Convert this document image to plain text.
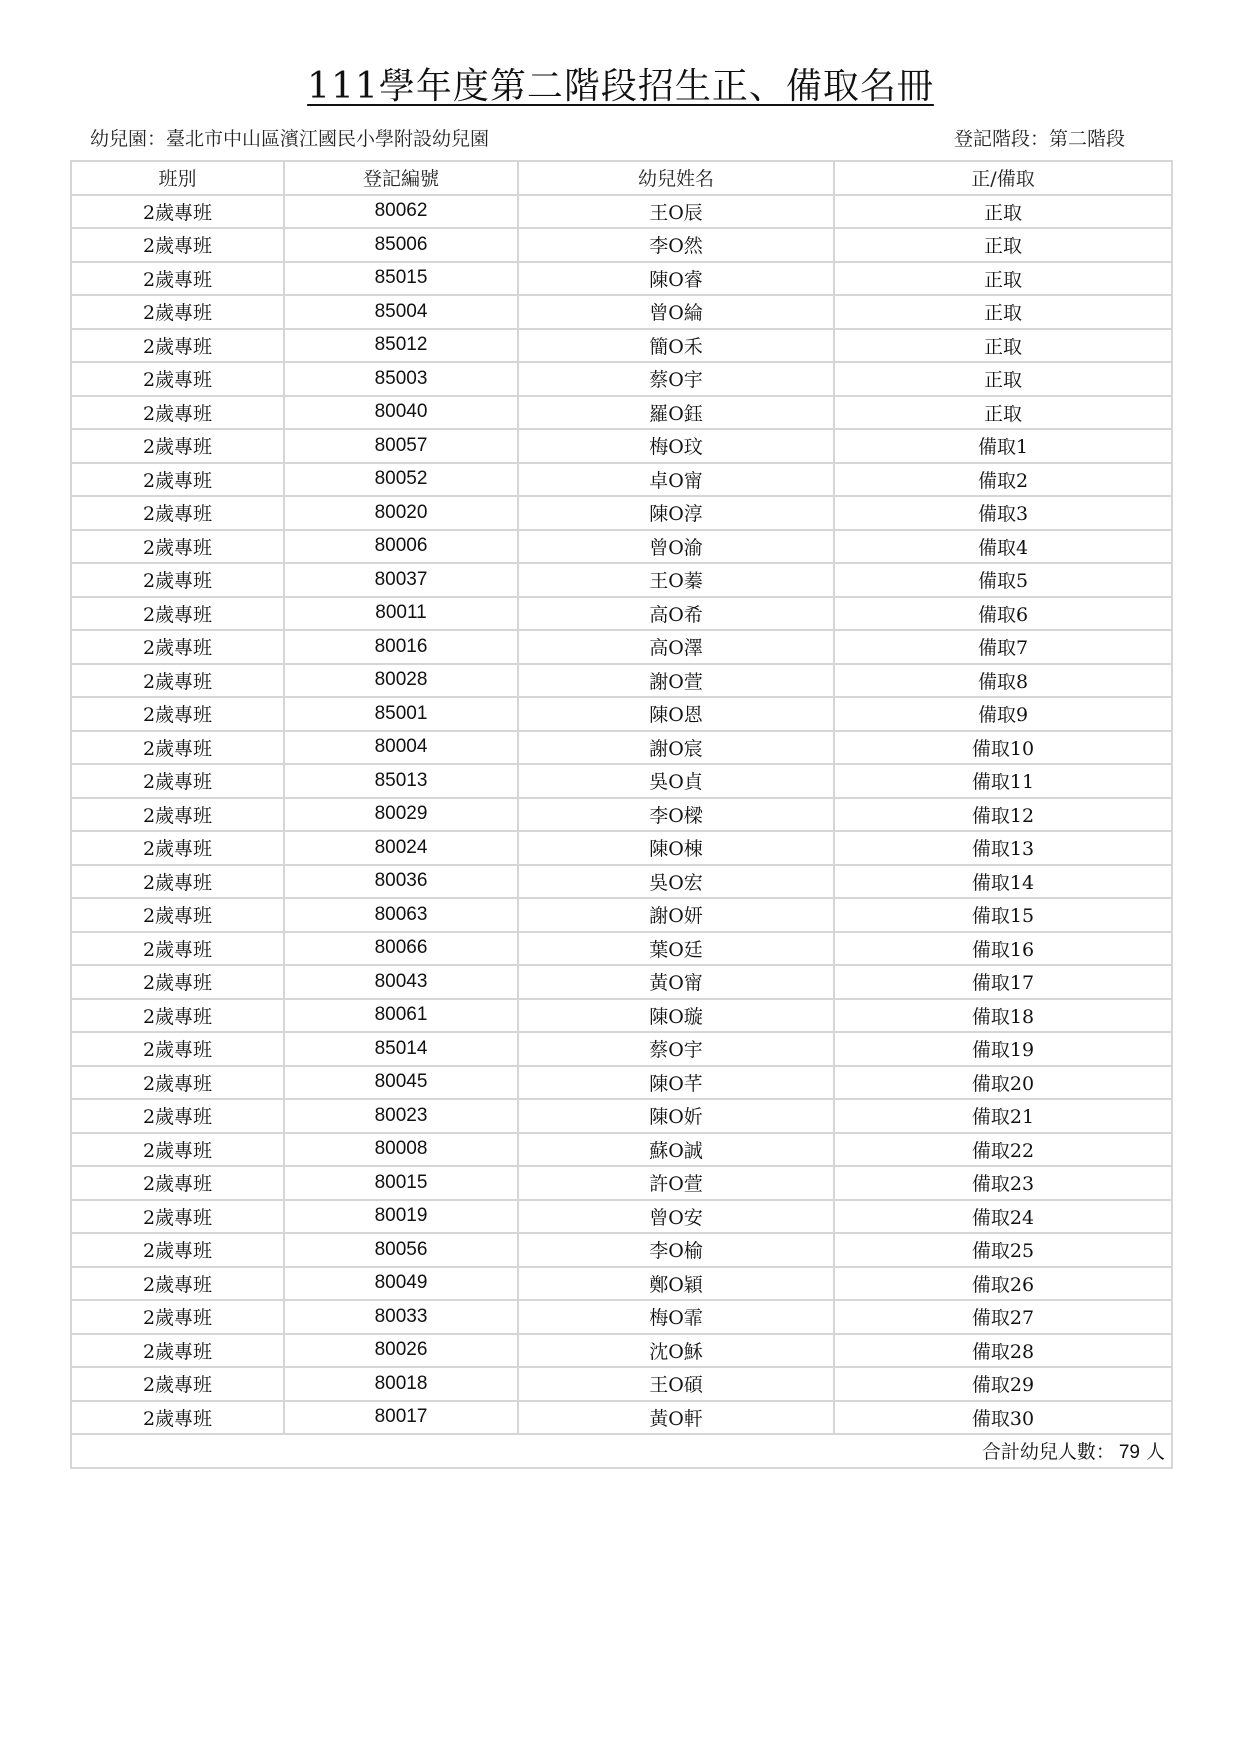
111學年度第二階段招生正、備取名冊
幼兒園：臺北市中山區濱江國民小學附設幼兒園	登記階段：第二階段
班別	登記編號	幼兒姓名	正/備取
2歲專班	80062	王O辰	正取
2歲專班	85006	李O然	正取
2歲專班	85015	陳O睿	正取
2歲專班	85004	曾O綸	正取
2歲專班	85012	簡O禾	正取
2歲專班	85003	蔡O宇	正取
2歲專班	80040	羅O鈺	正取
2歲專班	80057	梅O玟	備取1
2歲專班	80052	卓O甯	備取2
2歲專班	80020	陳O淳	備取3
2歲專班	80006	曾O渝	備取4
2歲專班	80037	王O蓁	備取5
2歲專班	80011	高O希	備取6
2歲專班	80016	高O澤	備取7
2歲專班	80028	謝O萱	備取8
2歲專班	85001	陳O恩	備取9
2歲專班	80004	謝O宸	備取10
2歲專班	85013	吳O貞	備取11
2歲專班	80029	李O樑	備取12
2歲專班	80024	陳O棟	備取13
2歲專班	80036	吳O宏	備取14
2歲專班	80063	謝O妍	備取15
2歲專班	80066	葉O廷	備取16
2歲專班	80043	黃O甯	備取17
2歲專班	80061	陳O璇	備取18
2歲專班	85014	蔡O宇	備取19
2歲專班	80045	陳O芊	備取20
2歲專班	80023	陳O妡	備取21
2歲專班	80008	蘇O誠	備取22
2歲專班	80015	許O萱	備取23
2歲專班	80019	曾O安	備取24
2歲專班	80056	李O榆	備取25
2歲專班	80049	鄭O穎	備取26
2歲專班	80033	梅O霏	備取27
2歲專班	80026	沈O穌	備取28
2歲專班	80018	王O碩	備取29
2歲專班	80017	黃O軒	備取30
合計幼兒人數： 79 人			
